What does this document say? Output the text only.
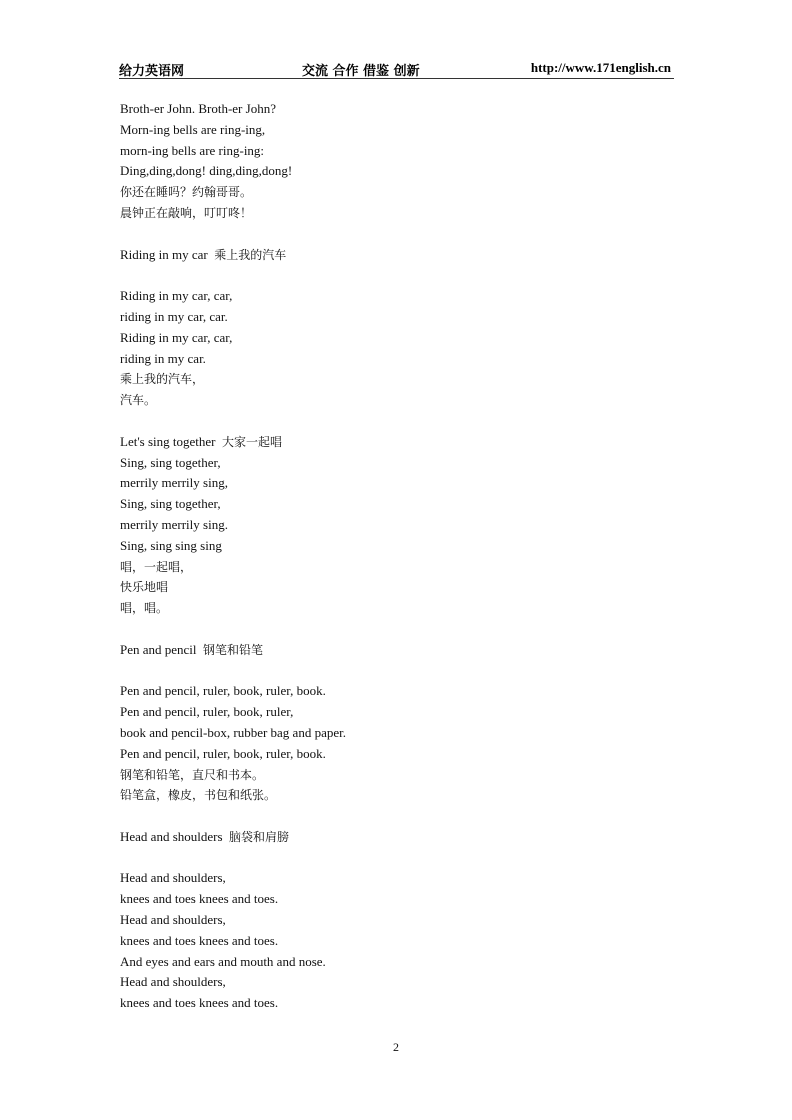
给力英语网	交流 合作 借鉴 创新	http://www.171english.cn
Broth-er John. Broth-er John?
Morn-ing bells are ring-ing,
morn-ing bells are ring-ing:
Ding,ding,dong! ding,ding,dong!
你还在睡吗？约翰哥哥。
晨钟正在敲响，叮叮咚！
Riding in my car 乘上我的汽车
Riding in my car, car,
riding in my car, car.
Riding in my car, car,
riding in my car.
乘上我的汽车，
汽车。
Let's sing together 大家一起唱
Sing, sing together,
merrily merrily sing,
Sing, sing together,
merrily merrily sing.
Sing, sing sing sing
唱，一起唱，
快乐地唱
唱，唱。
Pen and pencil 钢笔和铅笔
Pen and pencil, ruler, book, ruler, book.
Pen and pencil, ruler, book, ruler,
book and pencil-box, rubber bag and paper.
Pen and pencil, ruler, book, ruler, book.
钢笔和铅笔，直尺和书本。
铅笔盒，橡皮，书包和纸张。
Head and shoulders 脑袋和肩膀
Head and shoulders,
knees and toes knees and toes.
Head and shoulders,
knees and toes knees and toes.
And eyes and ears and mouth and nose.
Head and shoulders,
knees and toes knees and toes.
2
